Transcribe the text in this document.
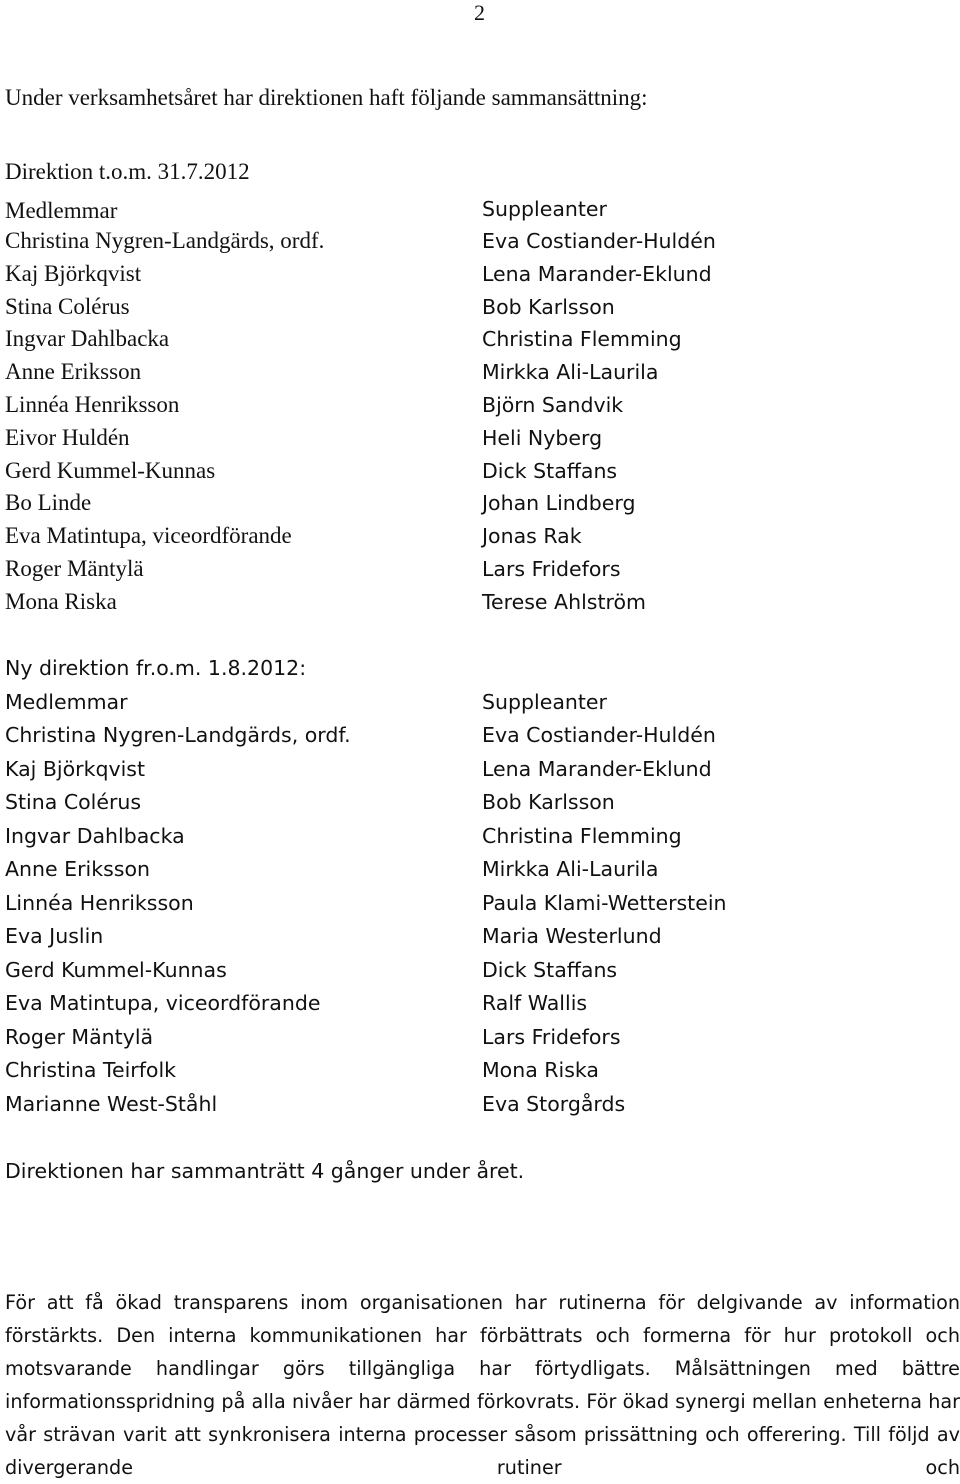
2
Under verksamhetsåret har direktionen haft följande sammansättning:
Direktion t.o.m. 31.7.2012
Medlemmar	Suppleanter
Christina Nygren-Landgärds, ordf.
Kaj Björkqvist
Stina Colérus
Ingvar Dahlbacka
Anne Eriksson
Linnéa Henriksson
Eivor Huldén
Gerd Kummel-Kunnas
Bo Linde
Eva Matintupa, viceordförande
Roger Mäntylä
Mona Riska
Eva Costiander-Huldén
Lena Marander-Eklund
Bob Karlsson
Christina Flemming
Mirkka Ali-Laurila
Björn Sandvik
Heli Nyberg
Dick Staffans
Johan Lindberg
Jonas Rak
Lars Fridefors
Terese Ahlström
Ny direktion fr.o.m. 1.8.2012:
Medlemmar	Suppleanter
Christina Nygren-Landgärds, ordf.
Kaj Björkqvist
Stina Colérus
Ingvar Dahlbacka
Anne Eriksson
Linnéa Henriksson
Eva Juslin
Gerd Kummel-Kunnas
Eva Matintupa, viceordförande
Roger Mäntylä
Christina Teirfolk
Marianne West-Ståhl
Eva Costiander-Huldén
Lena Marander-Eklund
Bob Karlsson
Christina Flemming
Mirkka Ali-Laurila
Paula Klami-Wetterstein
Maria Westerlund
Dick Staffans
Ralf Wallis
Lars Fridefors
Mona Riska
Eva Storgårds
Direktionen har sammanträtt 4 gånger under året.

För att få ökad transparens inom organisationen har rutinerna för delgivande av information förstärkts. Den interna kommunikationen har förbättrats och formerna för hur protokoll och motsvarande handlingar görs tillgängliga har förtydligats. Målsättningen med bättre informationsspridning på alla nivåer har därmed förkovrats. För ökad synergi mellan enheterna har vår strävan varit att synkronisera interna processer såsom prissättning och offerering. Till följd av divergerande rutiner och
